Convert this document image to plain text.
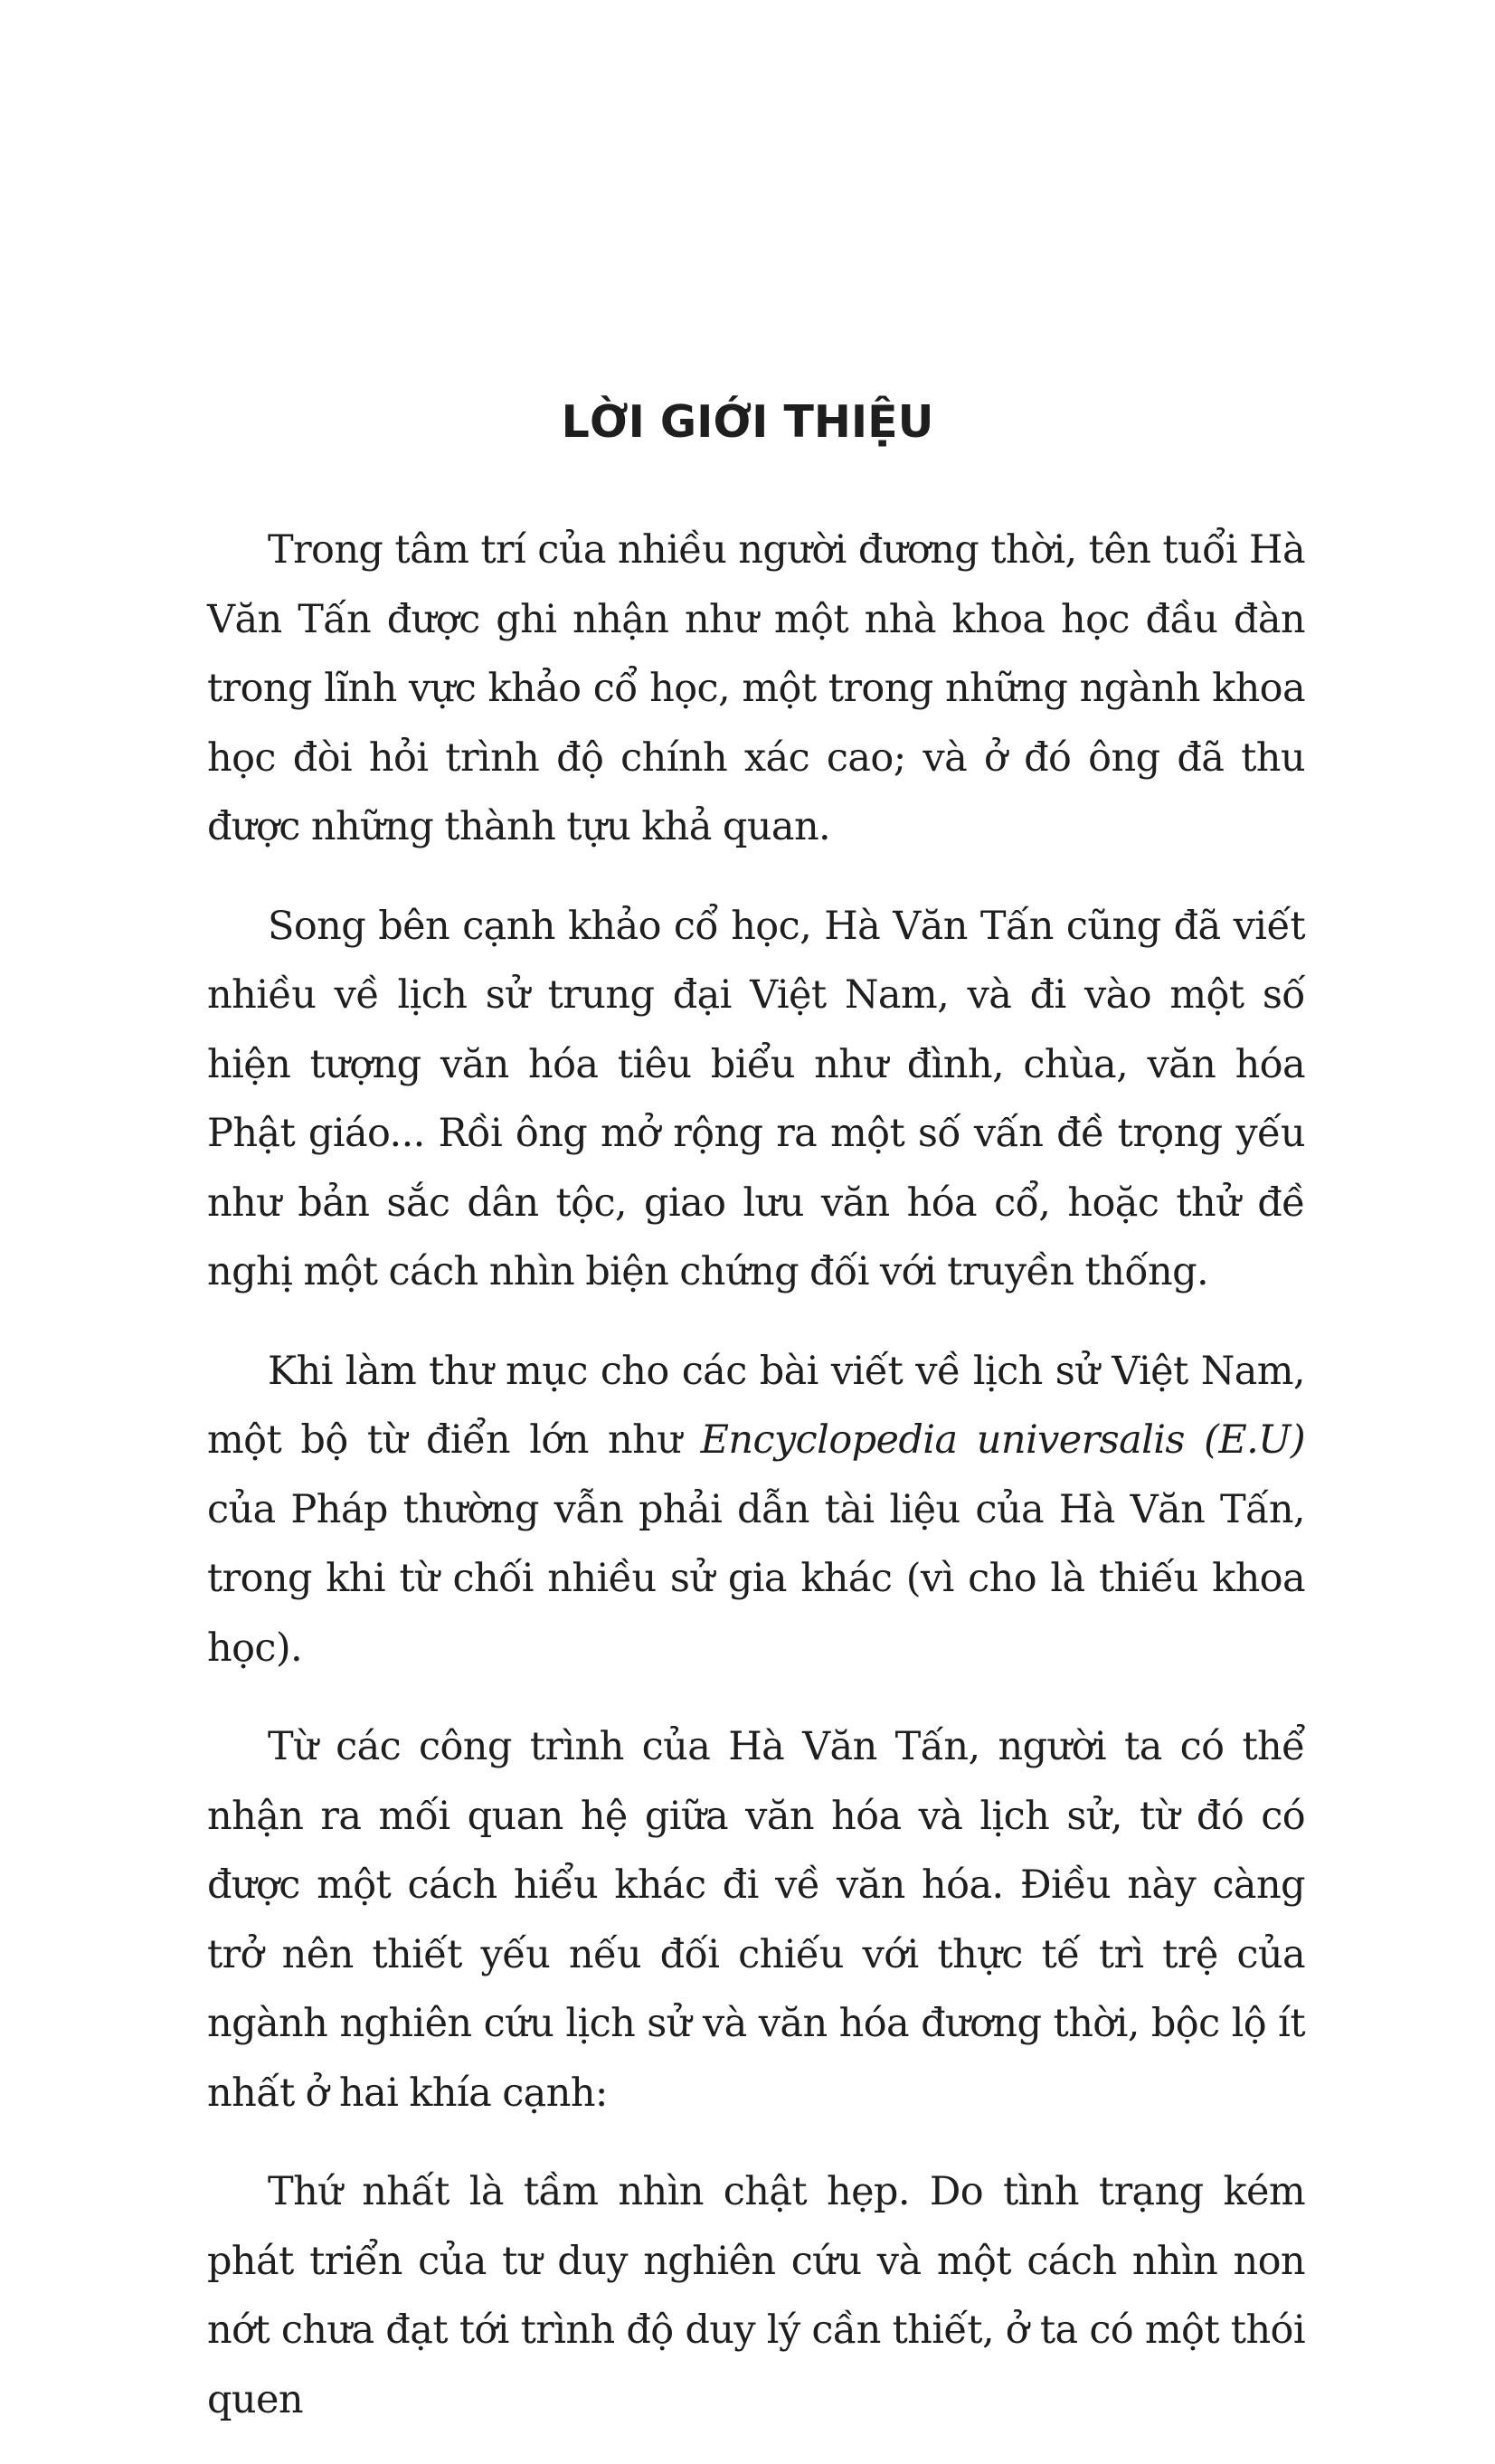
LỜI GIỚI THIỆU

Trong tâm trí của nhiều người đương thời, tên tuổi Hà Văn Tấn được ghi nhận như một nhà khoa học đầu đàn trong lĩnh vực khảo cổ học, một trong những ngành khoa học đòi hỏi trình độ chính xác cao; và ở đó ông đã thu được những thành tựu khả quan.

Song bên cạnh khảo cổ học, Hà Văn Tấn cũng đã viết nhiều về lịch sử trung đại Việt Nam, và đi vào một số hiện tượng văn hóa tiêu biểu như đình, chùa, văn hóa Phật giáo... Rồi ông mở rộng ra một số vấn đề trọng yếu như bản sắc dân tộc, giao lưu văn hóa cổ, hoặc thử đề nghị một cách nhìn biện chứng đối với truyền thống.

Khi làm thư mục cho các bài viết về lịch sử Việt Nam, một bộ từ điển lớn như Encyclopedia universalis (E.U) của Pháp thường vẫn phải dẫn tài liệu của Hà Văn Tấn, trong khi từ chối nhiều sử gia khác (vì cho là thiếu khoa học).

Từ các công trình của Hà Văn Tấn, người ta có thể nhận ra mối quan hệ giữa văn hóa và lịch sử, từ đó có được một cách hiểu khác đi về văn hóa. Điều này càng trở nên thiết yếu nếu đối chiếu với thực tế trì trệ của ngành nghiên cứu lịch sử và văn hóa đương thời, bộc lộ ít nhất ở hai khía cạnh:

Thứ nhất là tầm nhìn chật hẹp. Do tình trạng kém phát triển của tư duy nghiên cứu và một cách nhìn non nớt chưa đạt tới trình độ duy lý cần thiết, ở ta có một thói quen
